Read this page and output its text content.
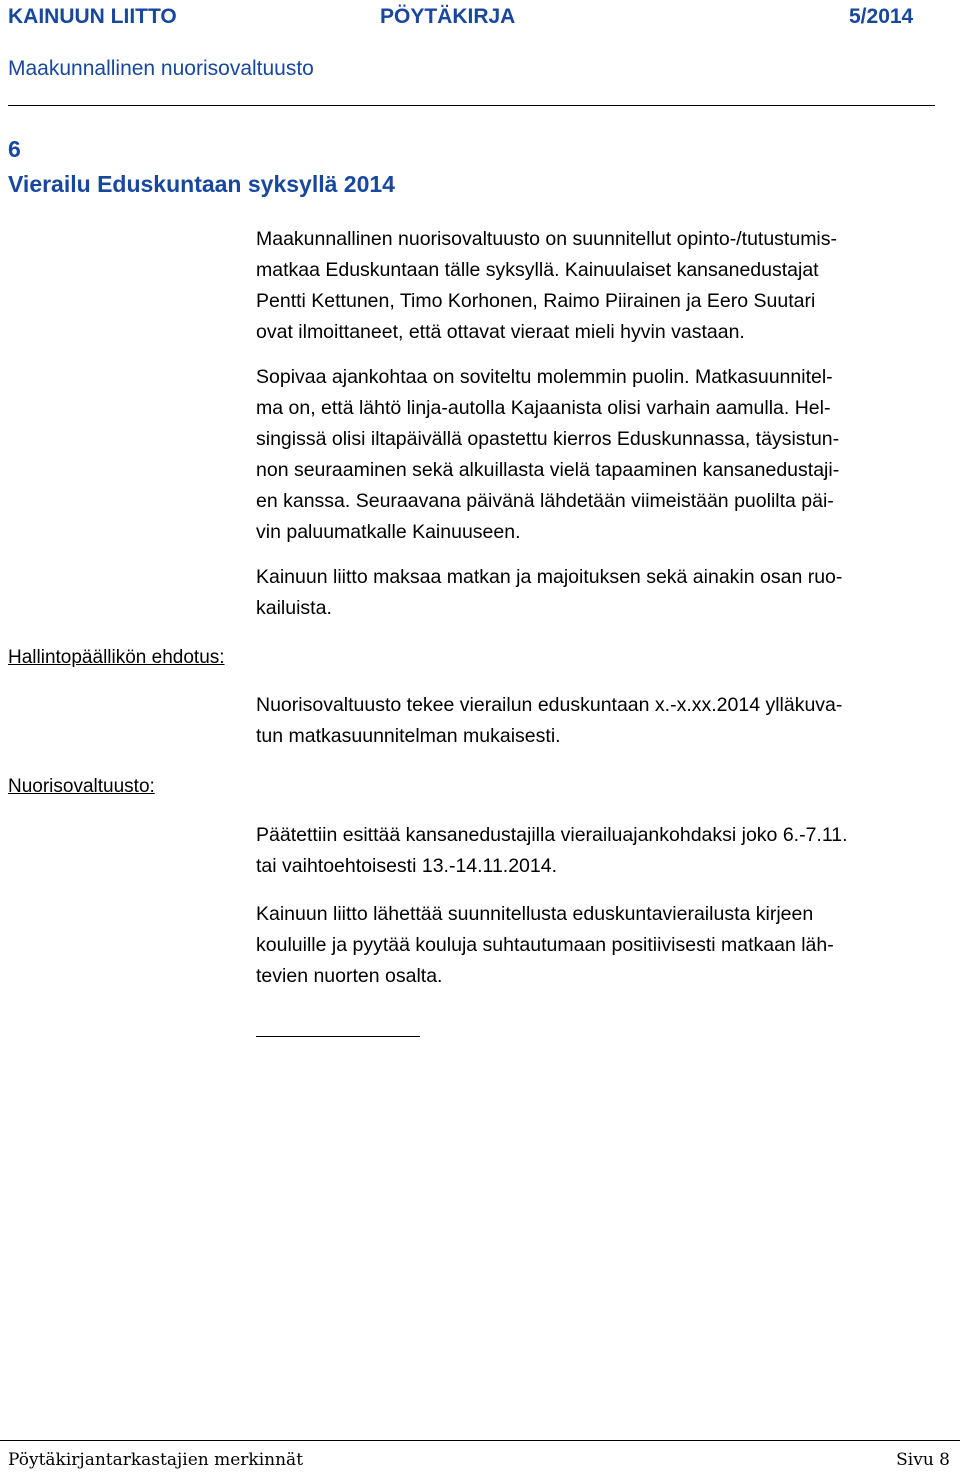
KAINUUN LIITTO	PÖYTÄKIRJA	5/2014
Maakunnallinen nuorisovaltuusto
6
Vierailu Eduskuntaan syksyllä 2014
Maakunnallinen nuorisovaltuusto on suunnitellut opinto-/tutustumis-
matkaa Eduskuntaan tälle syksyllä. Kainuulaiset kansanedustajat
Pentti Kettunen, Timo Korhonen, Raimo Piirainen ja Eero Suutari
ovat ilmoittaneet, että ottavat vieraat mieli hyvin vastaan.
Sopivaa ajankohtaa on soviteltu molemmin puolin. Matkasuunnitel-
ma on, että lähtö linja-autolla Kajaanista olisi varhain aamulla. Hel-
singissä olisi iltapäivällä opastettu kierros Eduskunnassa, täysistun-
non seuraaminen sekä alkuillasta vielä tapaaminen kansanedustaji-
en kanssa. Seuraavana päivänä lähdetään viimeistään puolilta päi-
vin paluumatkalle Kainuuseen.
Kainuun liitto maksaa matkan ja majoituksen sekä ainakin osan ruo-
kailuista.
Hallintopäällikön ehdotus:
Nuorisovaltuusto tekee vierailun eduskuntaan x.-x.xx.2014 ylläkuva-
tun matkasuunnitelman mukaisesti.
Nuorisovaltuusto:
Päätettiin esittää kansanedustajilla vierailuajankohdaksi joko 6.-7.11.
tai vaihtoehtoisesti 13.-14.11.2014.
Kainuun liitto lähettää suunnitellusta eduskuntavierailusta kirjeen
kouluille ja pyytää kouluja suhtautumaan positiivisesti matkaan läh-
tevien nuorten osalta.
Pöytäkirjantarkastajien merkinnät	Sivu 8
